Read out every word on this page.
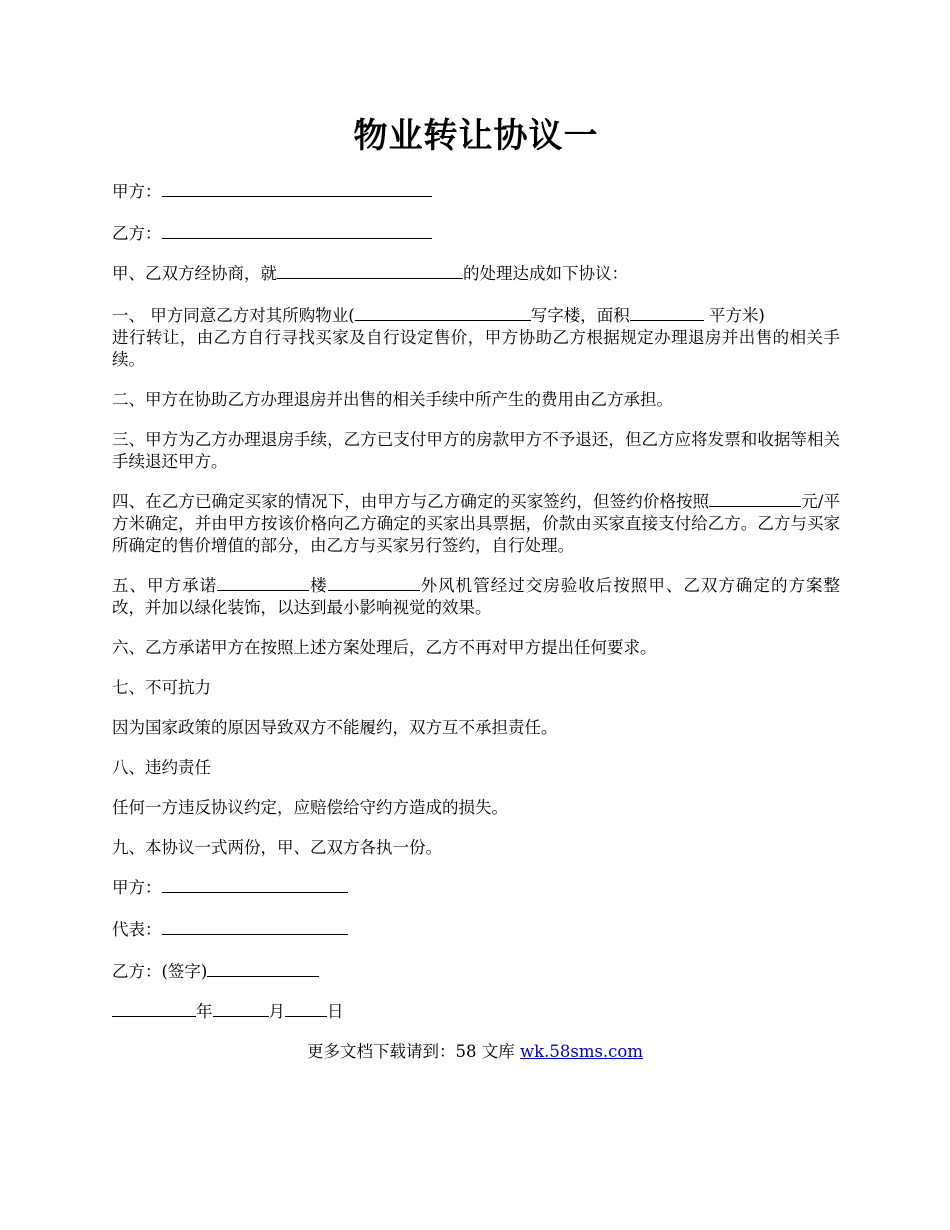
物业转让协议一
甲方：
乙方：
甲、乙双方经协商，就	的处理达成如下协议：
一、 甲方同意乙方对其所购物业(	写字楼，面积	平方米)
进行转让，由乙方自行寻找买家及自行设定售价，甲方协助乙方根据规定办理退房并出售的相关手续。
二、甲方在协助乙方办理退房并出售的相关手续中所产生的费用由乙方承担。
三、甲方为乙方办理退房手续，乙方已支付甲方的房款甲方不予退还，但乙方应将发票和收据等相关手续退还甲方。
四、在乙方已确定买家的情况下，由甲方与乙方确定的买家签约，但签约价格按照	元/平方米确定，并由甲方按该价格向乙方确定的买家出具票据，价款由买家直接支付给乙方。乙方与买家所确定的售价增值的部分，由乙方与买家另行签约，自行处理。
五、甲方承诺	楼	外风机管经过交房验收后按照甲、乙双方确定的方案整改，并加以绿化装饰，以达到最小影响视觉的效果。
六、乙方承诺甲方在按照上述方案处理后，乙方不再对甲方提出任何要求。
七、不可抗力
因为国家政策的原因导致双方不能履约，双方互不承担责任。
八、违约责任
任何一方违反协议约定，应赔偿给守约方造成的损失。
九、本协议一式两份，甲、乙双方各执一份。
甲方：
代表：
乙方：(签字)
年	月	日
更多文档下载请到：58 文库 wk.58sms.com
